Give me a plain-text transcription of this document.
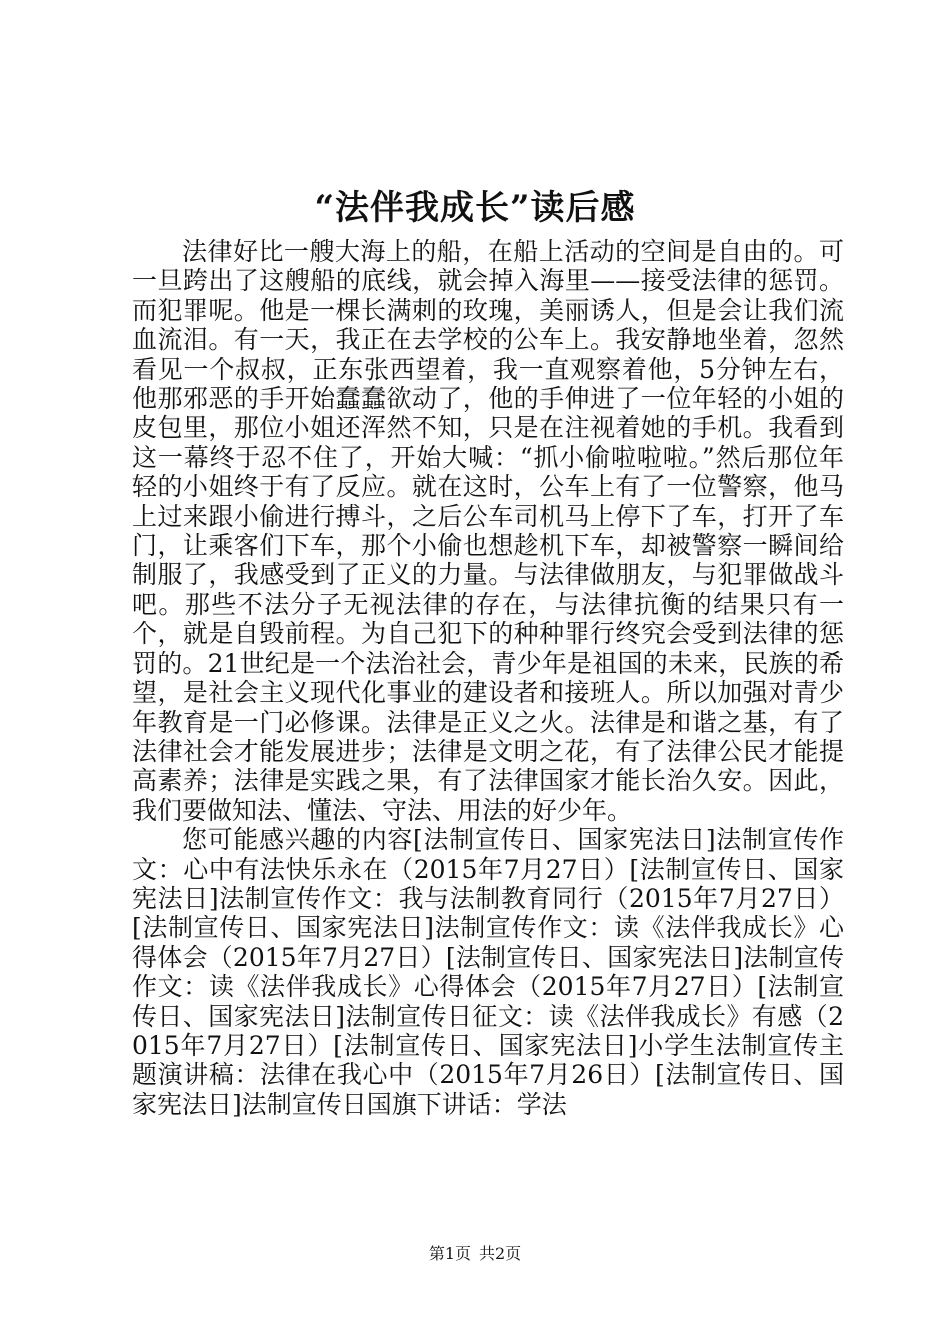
“法伴我成长”读后感

法律好比一艘大海上的船，在船上活动的空间是自由的。可一旦跨出了这艘船的底线，就会掉入海里——接受法律的惩罚。而犯罪呢。他是一棵长满刺的玫瑰，美丽诱人，但是会让我们流血流泪。有一天，我正在去学校的公车上。我安静地坐着，忽然看见一个叔叔，正东张西望着，我一直观察着他，5分钟左右，他那邪恶的手开始蠢蠢欲动了，他的手伸进了一位年轻的小姐的皮包里，那位小姐还浑然不知，只是在注视着她的手机。我看到这一幕终于忍不住了，开始大喊：“抓小偷啦啦啦。”然后那位年轻的小姐终于有了反应。就在这时，公车上有了一位警察，他马上过来跟小偷进行搏斗，之后公车司机马上停下了车，打开了车门，让乘客们下车，那个小偷也想趁机下车，却被警察一瞬间给制服了，我感受到了正义的力量。与法律做朋友，与犯罪做战斗吧。那些不法分子无视法律的存在，与法律抗衡的结果只有一个，就是自毁前程。为自己犯下的种种罪行终究会受到法律的惩罚的。21世纪是一个法治社会，青少年是祖国的未来，民族的希望，是社会主义现代化事业的建设者和接班人。所以加强对青少年教育是一门必修课。法律是正义之火。法律是和谐之基，有了法律社会才能发展进步；法律是文明之花，有了法律公民才能提高素养；法律是实践之果，有了法律国家才能长治久安。因此，我们要做知法、懂法、守法、用法的好少年。

您可能感兴趣的内容[法制宣传日、国家宪法日]法制宣传作文：心中有法快乐永在（2015年7月27日）[法制宣传日、国家宪法日]法制宣传作文：我与法制教育同行（2015年7月27日）[法制宣传日、国家宪法日]法制宣传作文：读《法伴我成长》心得体会（2015年7月27日）[法制宣传日、国家宪法日]法制宣传作文：读《法伴我成长》心得体会（2015年7月27日）[法制宣传日、国家宪法日]法制宣传日征文：读《法伴我成长》有感（2015年7月27日）[法制宣传日、国家宪法日]小学生法制宣传主题演讲稿：法律在我心中（2015年7月26日）[法制宣传日、国家宪法日]法制宣传日国旗下讲话：学法

第1页 共2页
